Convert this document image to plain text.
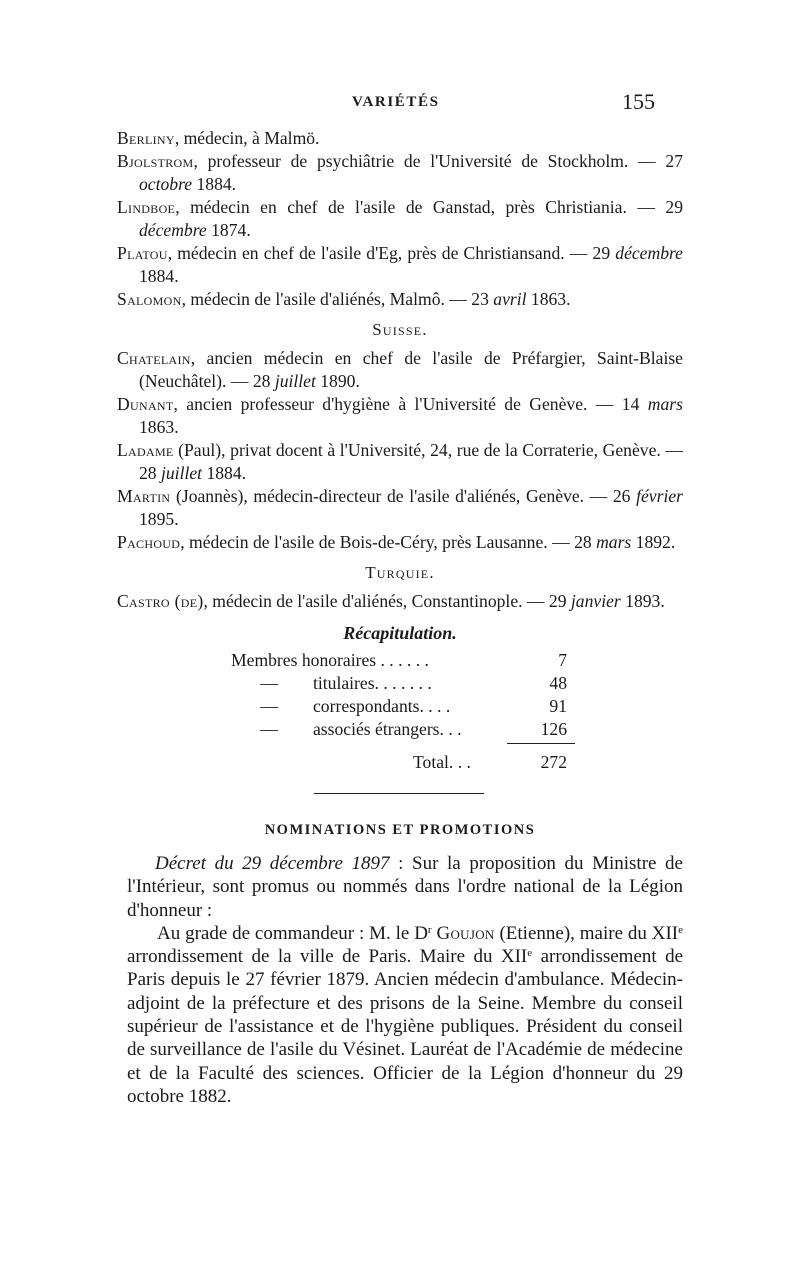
VARIÉTÉS	155
Berliny, médecin, à Malmö.
Bjolstrom, professeur de psychiâtrie de l'Université de Stockholm. — 27 octobre 1884.
Lindboe, médecin en chef de l'asile de Ganstad, près Christiania. — 29 décembre 1874.
Platou, médecin en chef de l'asile d'Eg, près de Christiansand. — 29 décembre 1884.
Salomon, médecin de l'asile d'aliénés, Malmô. — 23 avril 1863.
Suisse.
Chatelain, ancien médecin en chef de l'asile de Préfargier, Saint-Blaise (Neuchâtel). — 28 juillet 1890.
Dunant, ancien professeur d'hygiène à l'Université de Genève. — 14 mars 1863.
Ladame (Paul), privat docent à l'Université, 24, rue de la Corraterie, Genève. — 28 juillet 1884.
Martin (Joannès), médecin-directeur de l'asile d'aliénés, Genève. — 26 février 1895.
Pachoud, médecin de l'asile de Bois-de-Céry, près Lausanne. — 28 mars 1892.
Turquie.
Castro (de), médecin de l'asile d'aliénés, Constantinople. — 29 janvier 1893.
Récapitulation.
Membres honoraires . . . . . .	7
— titulaires. . . . . . .	48
— correspondants. . . .	91
— associés étrangers. . .	126
Total. . .	272
NOMINATIONS ET PROMOTIONS

Décret du 29 décembre 1897 : Sur la proposition du Ministre de l'Intérieur, sont promus ou nommés dans l'ordre national de la Légion d'honneur :

Au grade de commandeur : M. le $D^r$ Goujon (Etienne), maire du XIIe arrondissement de la ville de Paris. Maire du XIIe arrondissement de Paris depuis le 27 février 1879. Ancien médecin d'ambulance. Médecin-adjoint de la préfecture et des prisons de la Seine. Membre du conseil supérieur de l'assistance et de l'hygiène publiques. Président du conseil de surveillance de l'asile du Vésinet. Lauréat de l'Académie de médecine et de la Faculté des sciences. Officier de la Légion d'honneur du 29 octobre 1882.
